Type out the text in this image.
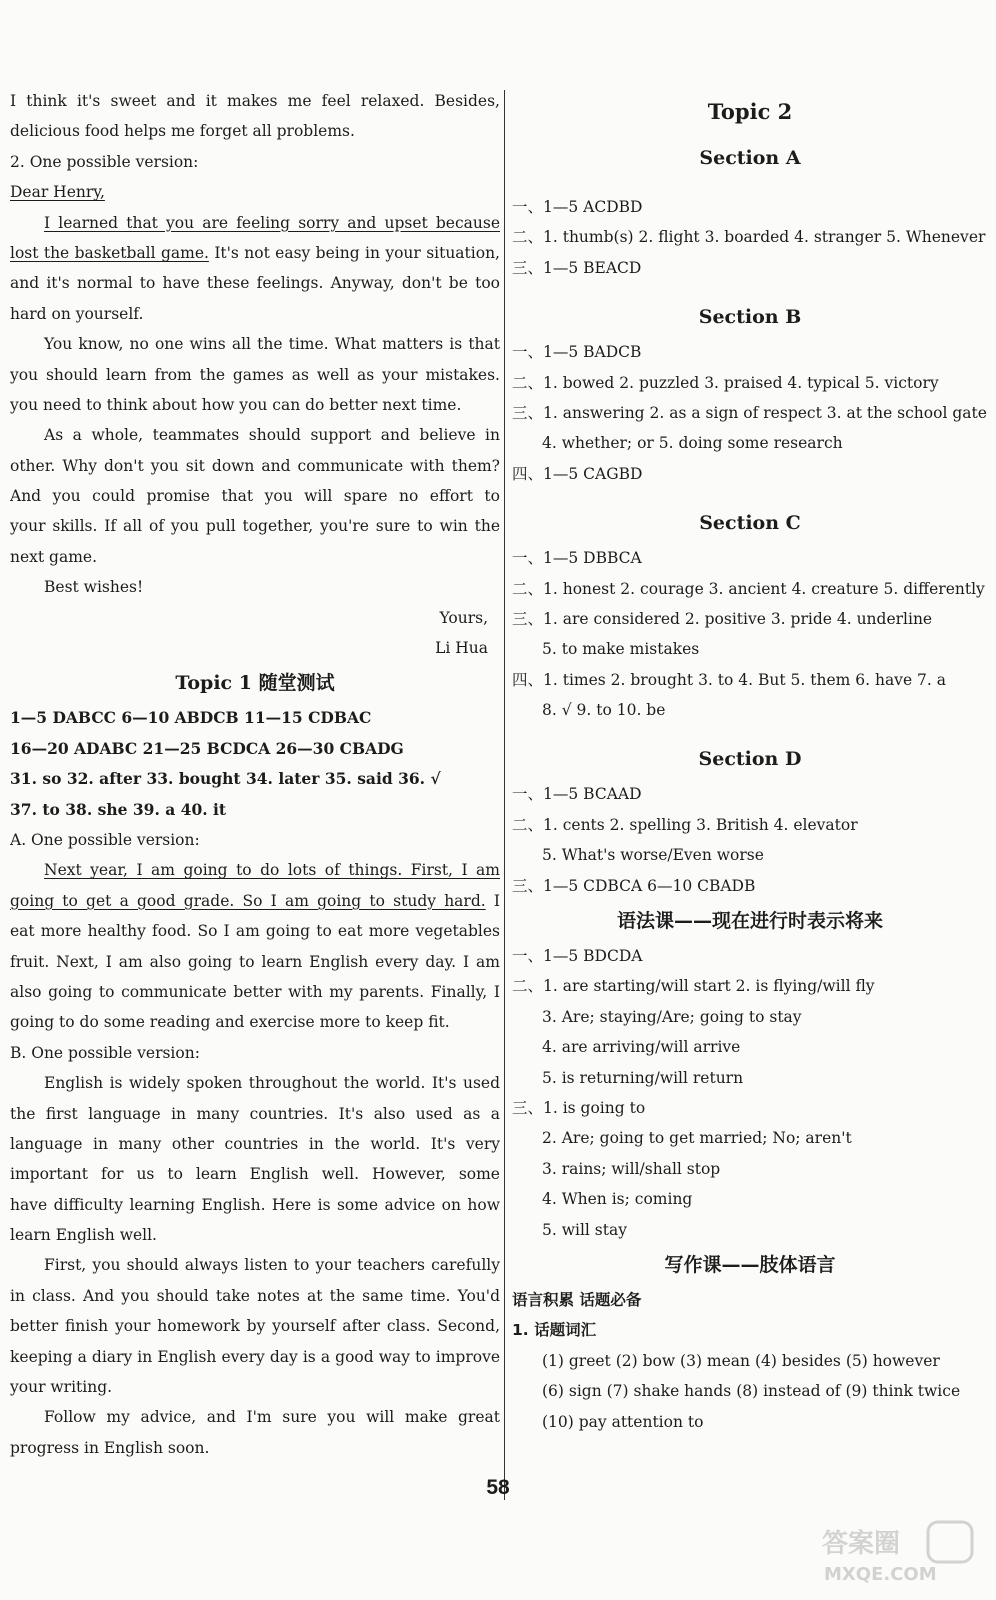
I think it's sweet and it makes me feel relaxed. Besides,
delicious food helps me forget all problems.
2. One possible version:
Dear Henry,
I learned that you are feeling sorry and upset because
lost the basketball game. It's not easy being in your situation,
and it's normal to have these feelings. Anyway, don't be too
hard on yourself.
You know, no one wins all the time. What matters is that
you should learn from the games as well as your mistakes.
you need to think about how you can do better next time.
As a whole, teammates should support and believe in
other. Why don't you sit down and communicate with them?
And you could promise that you will spare no effort to
your skills. If all of you pull together, you're sure to win the
next game.
Best wishes!
Yours,
Li Hua
Topic 1 随堂测试
1—5 DABCC 6—10 ABDCB 11—15 CDBAC
16—20 ADABC 21—25 BCDCA 26—30 CBADG
31. so 32. after 33. bought 34. later 35. said 36. √
37. to 38. she 39. a 40. it
A. One possible version:
Next year, I am going to do lots of things. First, I am
going to get a good grade. So I am going to study hard. I
eat more healthy food. So I am going to eat more vegetables
fruit. Next, I am also going to learn English every day. I am
also going to communicate better with my parents. Finally, I
going to do some reading and exercise more to keep fit.
B. One possible version:
English is widely spoken throughout the world. It's used
the first language in many countries. It's also used as a
language in many other countries in the world. It's very
important for us to learn English well. However, some
have difficulty learning English. Here is some advice on how
learn English well.
First, you should always listen to your teachers carefully
in class. And you should take notes at the same time. You'd
better finish your homework by yourself after class. Second,
keeping a diary in English every day is a good way to improve
your writing.
Follow my advice, and I'm sure you will make great
progress in English soon.
Topic 2
Section A
一、1—5 ACDBD
二、1. thumb(s) 2. flight 3. boarded 4. stranger 5. Whenever
三、1—5 BEACD
Section B
一、1—5 BADCB
二、1. bowed 2. puzzled 3. praised 4. typical 5. victory
三、1. answering 2. as a sign of respect 3. at the school gate
4. whether; or 5. doing some research
四、1—5 CAGBD
Section C
一、1—5 DBBCA
二、1. honest 2. courage 3. ancient 4. creature 5. differently
三、1. are considered 2. positive 3. pride 4. underline
5. to make mistakes
四、1. times 2. brought 3. to 4. But 5. them 6. have 7. a
8. √ 9. to 10. be
Section D
一、1—5 BCAAD
二、1. cents 2. spelling 3. British 4. elevator
5. What's worse/Even worse
三、1—5 CDBCA 6—10 CBADB
语法课——现在进行时表示将来
一、1—5 BDCDA
二、1. are starting/will start 2. is flying/will fly
3. Are; staying/Are; going to stay
4. are arriving/will arrive
5. is returning/will return
三、1. is going to
2. Are; going to get married; No; aren't
3. rains; will/shall stop
4. When is; coming
5. will stay
写作课——肢体语言
语言积累 话题必备
1. 话题词汇
(1) greet (2) bow (3) mean (4) besides (5) however
(6) sign (7) shake hands (8) instead of (9) think twice
(10) pay attention to
58
答案圈
MXQE.COM
